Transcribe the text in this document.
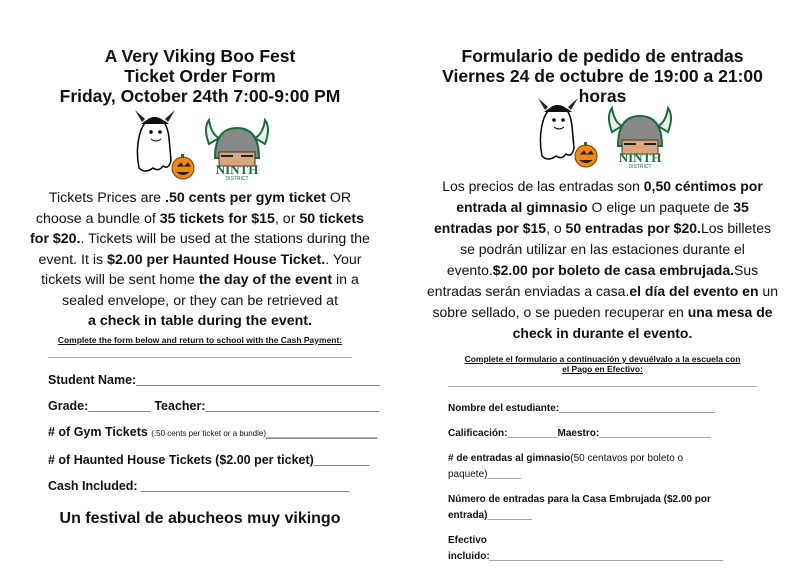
A Very Viking Boo Fest
Ticket Order Form
Friday, October 24th 7:00-9:00 PM
NINTH
DISTRICT
Tickets Prices are .50 cents per gym ticket OR choose a bundle of 35 tickets for $15, or 50 tickets for $20.. Tickets will be used at the stations during the event. It is $2.00 per Haunted House Ticket.. Your tickets will be sent home the day of the event in a sealed envelope, or they can be retrieved at
a check in table during the event.
Complete the form below and return to school with the Cash Payment:
Student Name:___________________________________
Grade:_________ Teacher:_________________________
# of Gym Tickets (.50 cents per ticket or a bundle)________________
# of Haunted House Tickets ($2.00 per ticket)________
Cash Included: ______________________________
Un festival de abucheos muy vikingo
Formulario de pedido de entradas
Viernes 24 de octubre de 19:00 a 21:00
horas
NINTH
DISTRICT
Los precios de las entradas son 0,50 céntimos por entrada al gimnasio O elige un paquete de 35 entradas por $15, o 50 entradas por $20.Los billetes se podrán utilizar en las estaciones durante el evento.$2.00 por boleto de casa embrujada.Sus entradas serán enviadas a casa.el día del evento en un sobre sellado, o se pueden recuperar en una mesa de check in durante el evento.
Complete el formulario a continuación y devuélvalo a la escuela con el Pago en Efectivo:
Nombre del estudiante:____________________________
Calificación:_________Maestro:____________________
# de entradas al gimnasio(50 centavos por boleto o paquete)______
Número de entradas para la Casa Embrujada ($2.00 por entrada)________
Efectivo incluido:__________________________________________
